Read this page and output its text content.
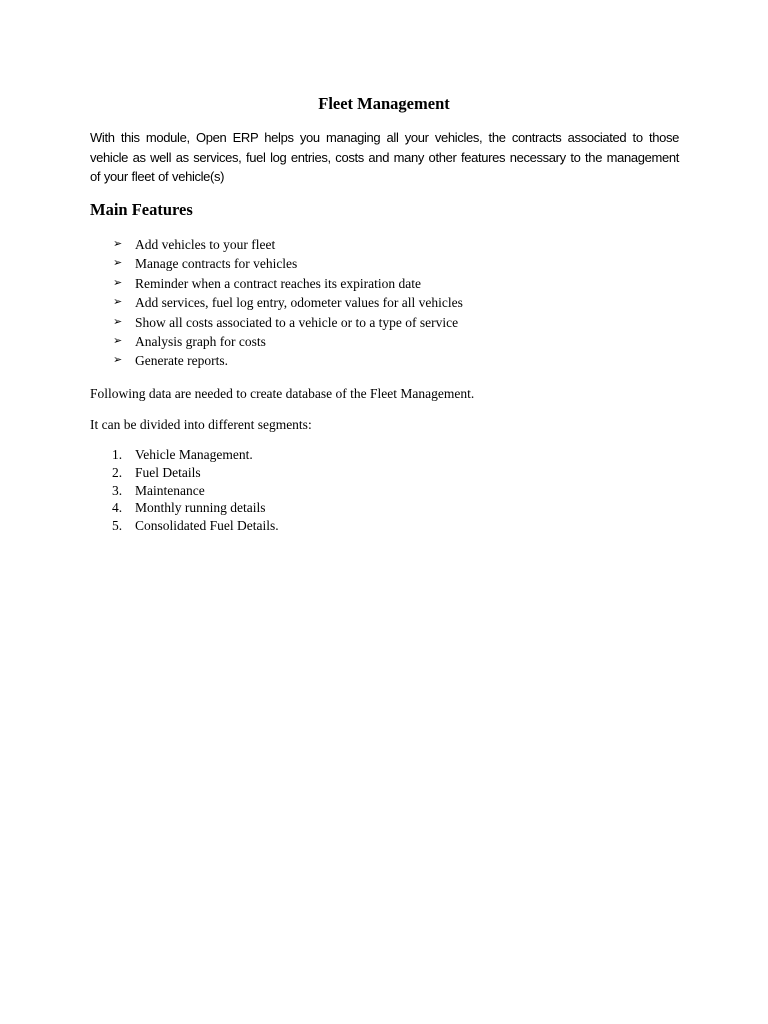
Fleet Management

With this module, Open ERP helps you managing all your vehicles, the contracts associated to those vehicle as well as services, fuel log entries, costs and many other features necessary to the management of your fleet of vehicle(s)

Main Features
➢ Add vehicles to your fleet
➢ Manage contracts for vehicles
➢ Reminder when a contract reaches its expiration date
➢ Add services, fuel log entry, odometer values for all vehicles
➢ Show all costs associated to a vehicle or to a type of service
➢ Analysis graph for costs
➢ Generate reports.

Following data are needed to create database of the Fleet Management.

It can be divided into different segments:

1. Vehicle Management.
2. Fuel Details
3. Maintenance
4. Monthly running details
5. Consolidated Fuel Details.
